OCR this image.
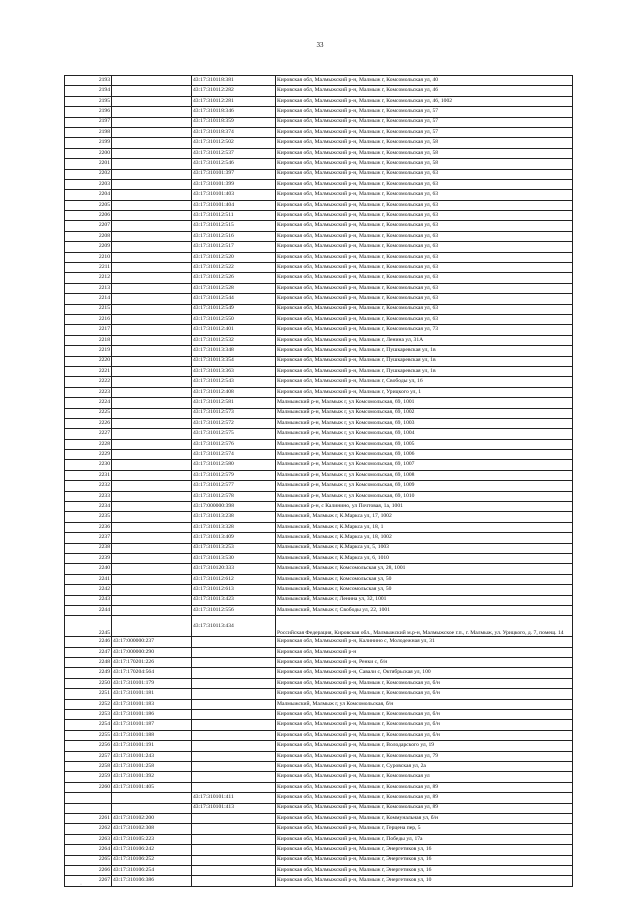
33
2193		43:17:310118:381	Кировская обл, Малмыжский р-н, Малмыж г, Комсомольская ул, 40
2194		43:17:310112:282	Кировская обл, Малмыжский р-н, Малмыж г, Комсомольская ул, 46
2195		43:17:310112:281	Кировская обл, Малмыжский р-н, Малмыж г, Комсомольская ул, 46, 1002
2196		43:17:310118:346	Кировская обл, Малмыжский р-н, Малмыж г, Комсомольская ул, 57
2197		43:17:310118:359	Кировская обл, Малмыжский р-н, Малмыж г, Комсомольская ул, 57
2198		43:17:310118:374	Кировская обл, Малмыжский р-н, Малмыж г, Комсомольская ул, 57
2199		43:17:310112:502	Кировская обл, Малмыжский р-н, Малмыж г, Комсомольская ул, 58
2200		43:17:310112:537	Кировская обл, Малмыжский р-н, Малмыж г, Комсомольская ул, 58
2201		43:17:310112:546	Кировская обл, Малмыжский р-н, Малмыж г, Комсомольская ул, 58
2202		43:17:310101:397	Кировская обл, Малмыжский р-н, Малмыж г, Комсомольская ул, 63
2203		43:17:310101:399	Кировская обл, Малмыжский р-н, Малмыж г, Комсомольская ул, 63
2204		43:17:310101:403	Кировская обл, Малмыжский р-н, Малмыж г, Комсомольская ул, 63
2205		43:17:310101:404	Кировская обл, Малмыжский р-н, Малмыж г, Комсомольская ул, 63
2206		43:17:310112:511	Кировская обл, Малмыжский р-н, Малмыж г, Комсомольская ул, 63
2207		43:17:310112:515	Кировская обл, Малмыжский р-н, Малмыж г, Комсомольская ул, 63
2208		43:17:310112:516	Кировская обл, Малмыжский р-н, Малмыж г, Комсомольская ул, 63
2209		43:17:310112:517	Кировская обл, Малмыжский р-н, Малмыж г, Комсомольская ул, 63
2210		43:17:310112:520	Кировская обл, Малмыжский р-н, Малмыж г, Комсомольская ул, 63
2211		43:17:310112:522	Кировская обл, Малмыжский р-н, Малмыж г, Комсомольская ул, 63
2212		43:17:310112:526	Кировская обл, Малмыжский р-н, Малмыж г, Комсомольская ул, 63
2213		43:17:310112:528	Кировская обл, Малмыжский р-н, Малмыж г, Комсомольская ул, 63
2214		43:17:310112:544	Кировская обл, Малмыжский р-н, Малмыж г, Комсомольская ул, 63
2215		43:17:310112:549	Кировская обл, Малмыжский р-н, Малмыж г, Комсомольская ул, 63
2216		43:17:310112:550	Кировская обл, Малмыжский р-н, Малмыж г, Комсомольская ул, 63
2217		43:17:310112:401	Кировская обл, Малмыжский р-н, Малмыж г, Комсомольская ул, 73
2218		43:17:310112:532	Кировская обл, Малмыжский р-н, Малмыж г, Ленина ул, 31А
2219		43:17:310113:348	Кировская обл, Малмыжский р-н, Малмыж г, Пушкаревская ул, 1в
2220		43:17:310113:354	Кировская обл, Малмыжский р-н, Малмыж г, Пушкаревская ул, 1в
2221		43:17:310113:363	Кировская обл, Малмыжский р-н, Малмыж г, Пушкаревская ул, 1в
2222		43:17:310112:543	Кировская обл, Малмыжский р-н, Малмыж г, Свободы ул, 16
2223		43:17:310112:408	Кировская обл, Малмыжский р-н, Малмыж г, Урицкого ул, 1
2224		43:17:310112:581	Малмыжский р-н, Малмыж г, ул Комсомольская, 69, 1001
2225		43:17:310112:573	Малмыжский р-н, Малмыж г, ул Комсомольская, 69, 1002
2226		43:17:310112:572	Малмыжский р-н, Малмыж г, ул Комсомольская, 69, 1003
2227		43:17:310112:575	Малмыжский р-н, Малмыж г, ул Комсомольская, 69, 1004
2228		43:17:310112:576	Малмыжский р-н, Малмыж г, ул Комсомольская, 69, 1005
2229		43:17:310112:574	Малмыжский р-н, Малмыж г, ул Комсомольская, 69, 1006
2230		43:17:310112:580	Малмыжский р-н, Малмыж г, ул Комсомольская, 69, 1007
2231		43:17:310112:579	Малмыжский р-н, Малмыж г, ул Комсомольская, 69, 1008
2232		43:17:310112:577	Малмыжский р-н, Малмыж г, ул Комсомольская, 69, 1009
2233		43:17:310112:578	Малмыжский р-н, Малмыж г, ул Комсомольская, 69, 1010
2234		43:17:000000:398	Малмыжский р-н, с Калинино, ул Почтовая, 1а, 1001
2235		43:17:310113:238	Малмыжский, Малмыж г, К.Маркса ул, 17, 1002
2236		43:17:310113:328	Малмыжский, Малмыж г, К.Маркса ул, 18, 1
2237		43:17:310113:409	Малмыжский, Малмыж г, К.Маркса ул, 18, 1002
2238		43:17:310113:253	Малмыжский, Малмыж г, К.Маркса ул, 5, 1003
2239		43:17:310113:530	Малмыжский, Малмыж г, К.Маркса ул, 6, 1010
2240		43:17:310120:333	Малмыжский, Малмыж г, Комсомольская ул, 28, 1001
2241		43:17:310112:612	Малмыжский, Малмыж г, Комсомольская ул, 50
2242		43:17:310112:613	Малмыжский, Малмыж г, Комсомольская ул, 50
2243		43:17:310113:423	Малмыжский, Малмыж г, Ленина ул, 32, 1001
2244		43:17:310112:556	Малмыжский, Малмыж г, Свободы ул, 22, 1001
2245		43:17:310113:434	Российская Федерация, Кировская обл., Малмыжский м.р-н, Малмыжское г.п., г. Малмыж, ул. Урицкого, д. 7, помещ. 14
2246	43:17:000000:237		Кировская обл, Малмыжский р-н, Калинино с, Молодежная ул, 31
2247	43:17:000000:290		Кировская обл, Малмыжский р-н
2248	43:17:170201:226		Кировская обл, Малмыжский р-н, Ренки с, б/н
2249	43:17:170204:564		Кировская обл, Малмыжский р-н, Савали с, Октябрьская ул, 100
2250	43:17:310101:179		Кировская обл, Малмыжский р-н, Малмыж г, Комсомольская ул, б/н
2251	43:17:310101:181		Кировская обл, Малмыжский р-н, Малмыж г, Комсомольская ул, б/н
2252	43:17:310101:183		Малмыжский, Малмыж г, ул Комсомольская, б/н
2253	43:17:310101:186		Кировская обл, Малмыжский р-н, Малмыж г, Комсомольская ул, б/н
2254	43:17:310101:187		Кировская обл, Малмыжский р-н, Малмыж г, Комсомольская ул, б/н
2255	43:17:310101:188		Кировская обл, Малмыжский р-н, Малмыж г, Комсомольская ул, б/н
2256	43:17:310101:191		Кировская обл, Малмыжский р-н, Малмыж г, Володарского ул, 19
2257	43:17:310101:243		Кировская обл, Малмыжский р-н, Малмыж г, Комсомольская ул, 79
2258	43:17:310101:258		Кировская обл, Малмыжский р-н, Малмыж г, Суровская ул, 2а
2259	43:17:310101:392		Кировская обл, Малмыжский р-н, Малмыж г, Комсомольская ул
2260	43:17:310101:405		Кировская обл, Малмыжский р-н, Малмыж г, Комсомольская ул, 89
		43:17:310101:411	Кировская обл, Малмыжский р-н, Малмыж г, Комсомольская ул, 89
		43:17:310101:413	Кировская обл, Малмыжский р-н, Малмыж г, Комсомольская ул, 89
2261	43:17:310102:200		Кировская обл, Малмыжский р-н, Малмыж г, Коммунальная ул, б/н
2262	43:17:310102:308		Кировская обл, Малмыжский р-н, Малмыж г, Герцена пер, 5
2263	43:17:310105:223		Кировская обл, Малмыжский р-н, Малмыж г, Победы ул, 17а
2264	43:17:310106:242		Кировская обл, Малмыжский р-н, Малмыж г, Энергетиков ул, 16
2265	43:17:310106:252		Кировская обл, Малмыжский р-н, Малмыж г, Энергетиков ул, 16
2266	43:17:310106:254		Кировская обл, Малмыжский р-н, Малмыж г, Энергетиков ул, 16
2267	43:17:310106:386		Кировская обл, Малмыжский р-н, Малмыж г, Энергетиков ул, 10
·
